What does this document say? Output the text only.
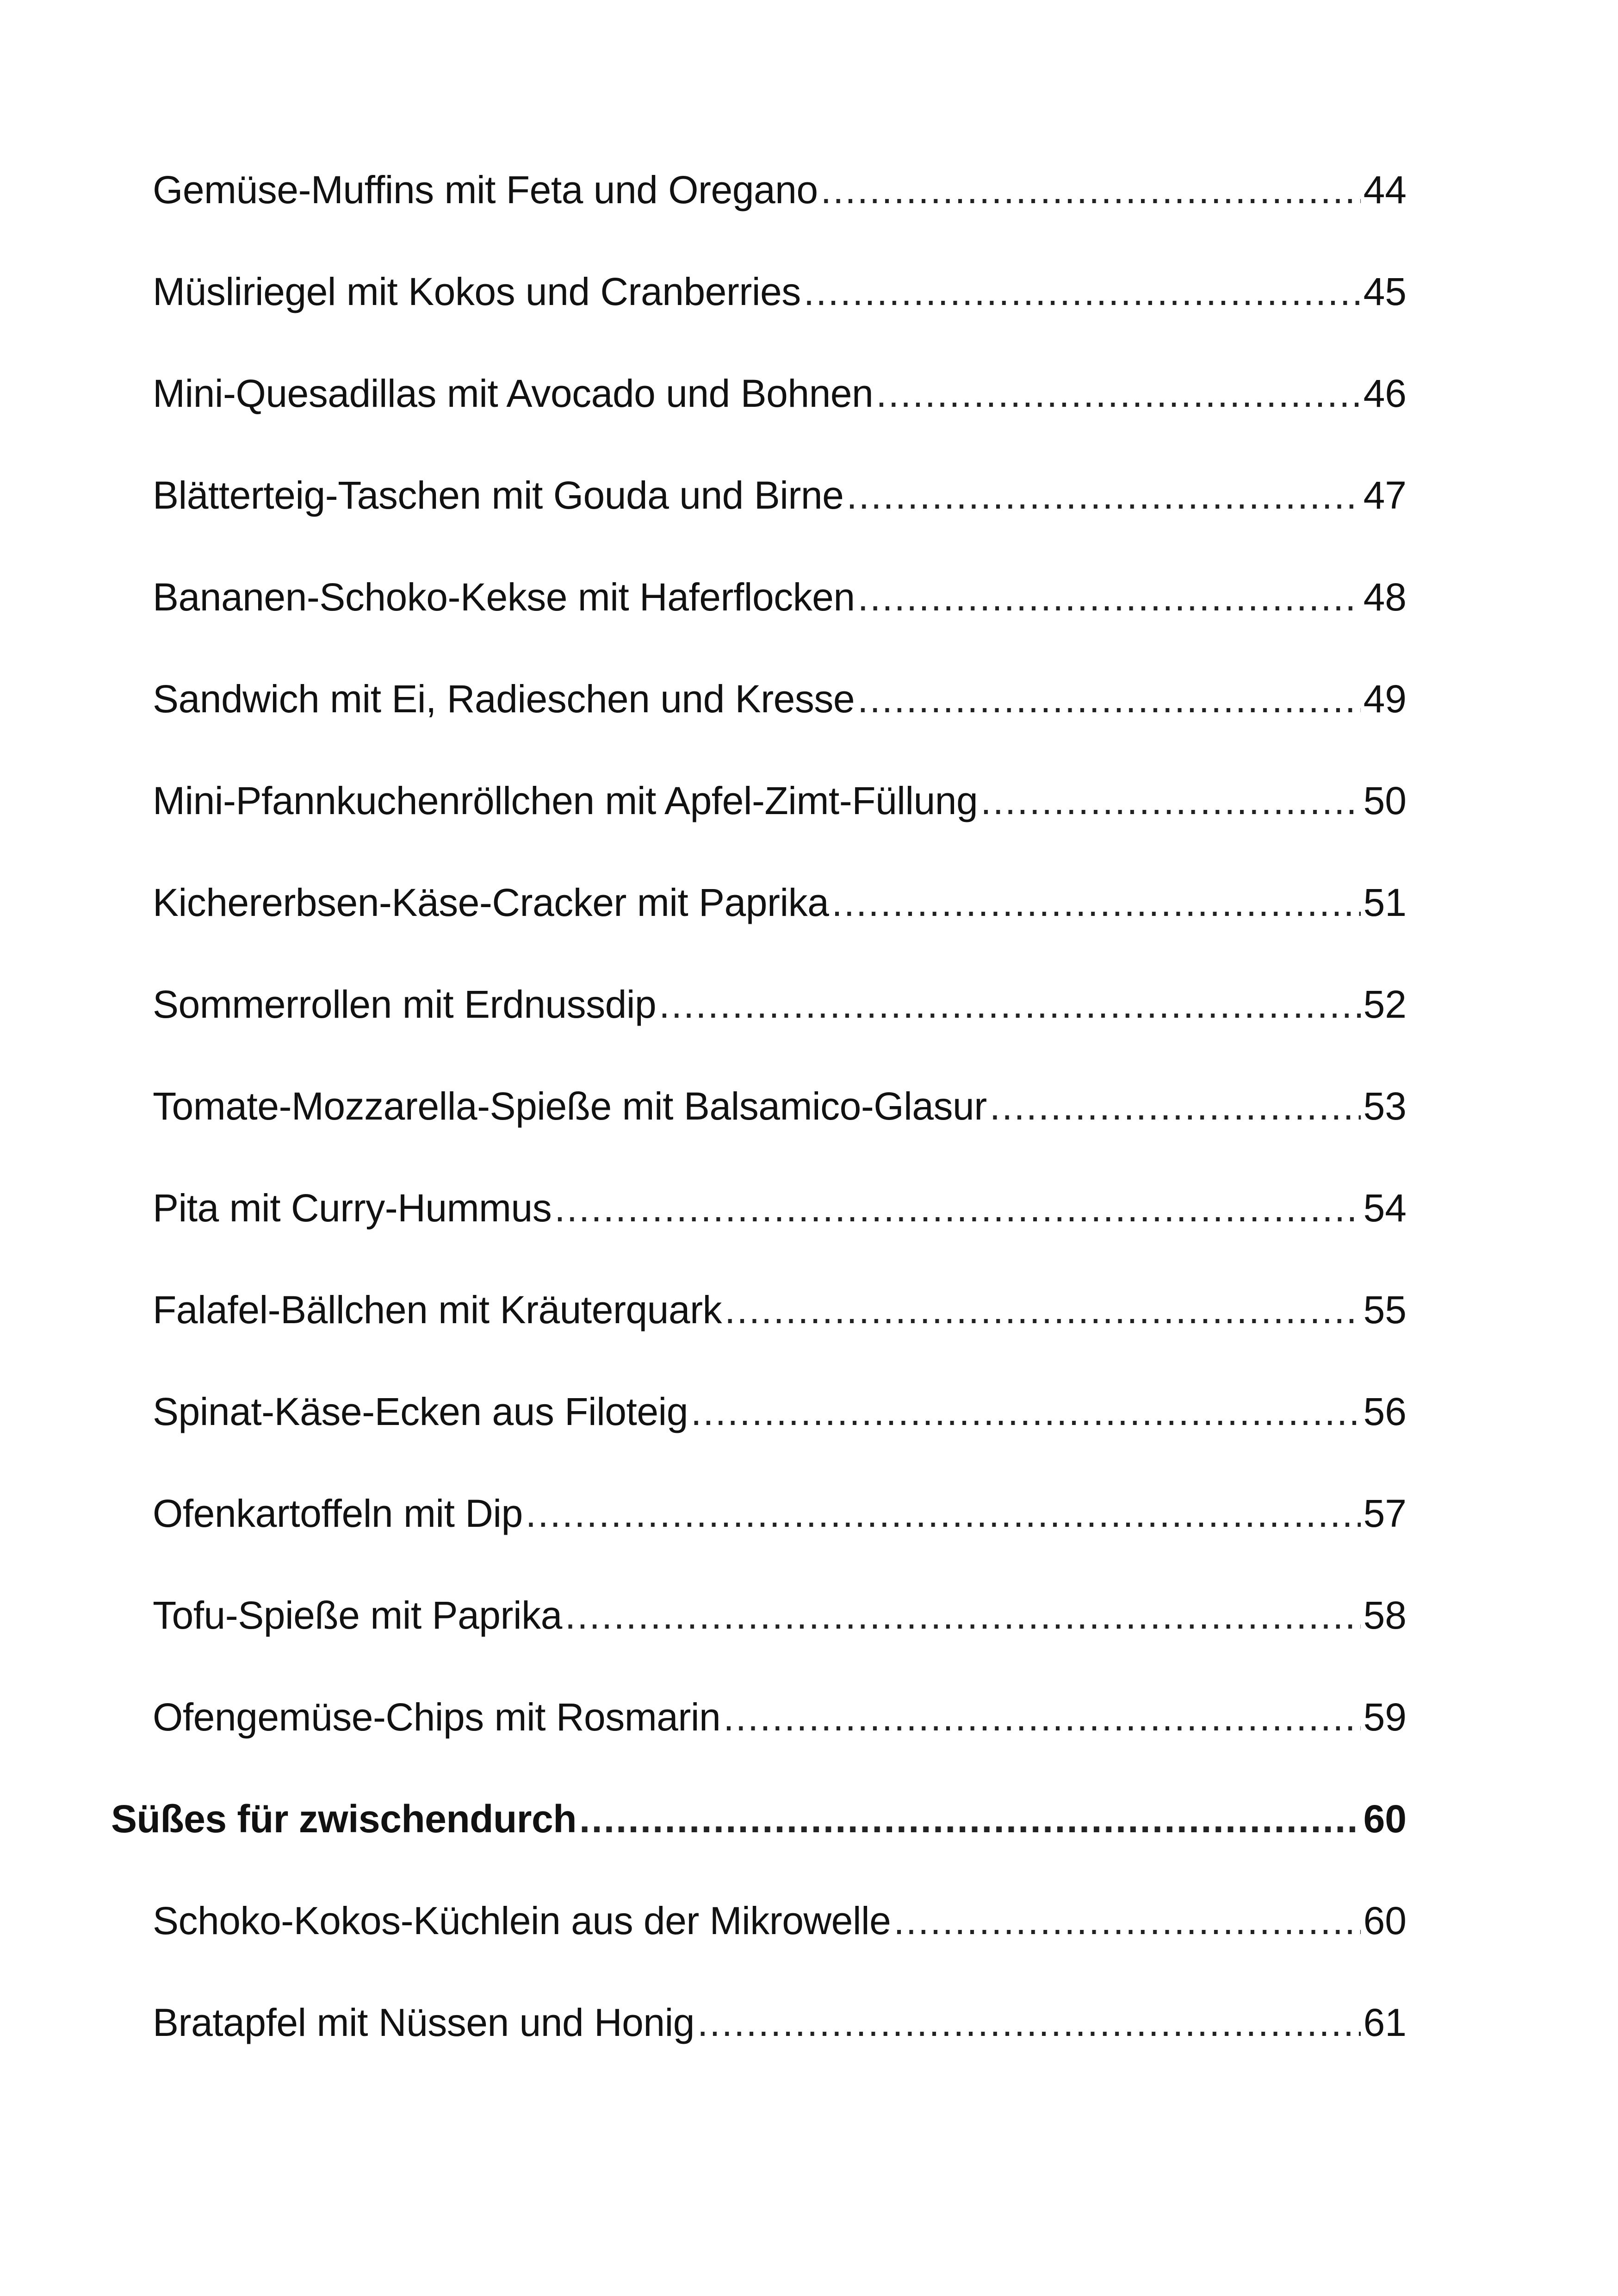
Gemüse-Muffins mit Feta und Oregano .....	44
Müsliriegel mit Kokos und Cranberries .....	45
Mini-Quesadillas mit Avocado und Bohnen .....	46
Blätterteig-Taschen mit Gouda und Birne .....	47
Bananen-Schoko-Kekse mit Haferflocken .....	48
Sandwich mit Ei, Radieschen und Kresse .....	49
Mini-Pfannkuchenröllchen mit Apfel-Zimt-Füllung .....	50
Kichererbsen-Käse-Cracker mit Paprika .....	51
Sommerrollen mit Erdnussdip .....	52
Tomate-Mozzarella-Spieße mit Balsamico-Glasur .....	53
Pita mit Curry-Hummus .....	54
Falafel-Bällchen mit Kräuterquark .....	55
Spinat-Käse-Ecken aus Filoteig .....	56
Ofenkartoffeln mit Dip .....	57
Tofu-Spieße mit Paprika .....	58
Ofengemüse-Chips mit Rosmarin .....	59
Süßes für zwischendurch .....	60
Schoko-Kokos-Küchlein aus der Mikrowelle .....	60
Bratapfel mit Nüssen und Honig .....	61
